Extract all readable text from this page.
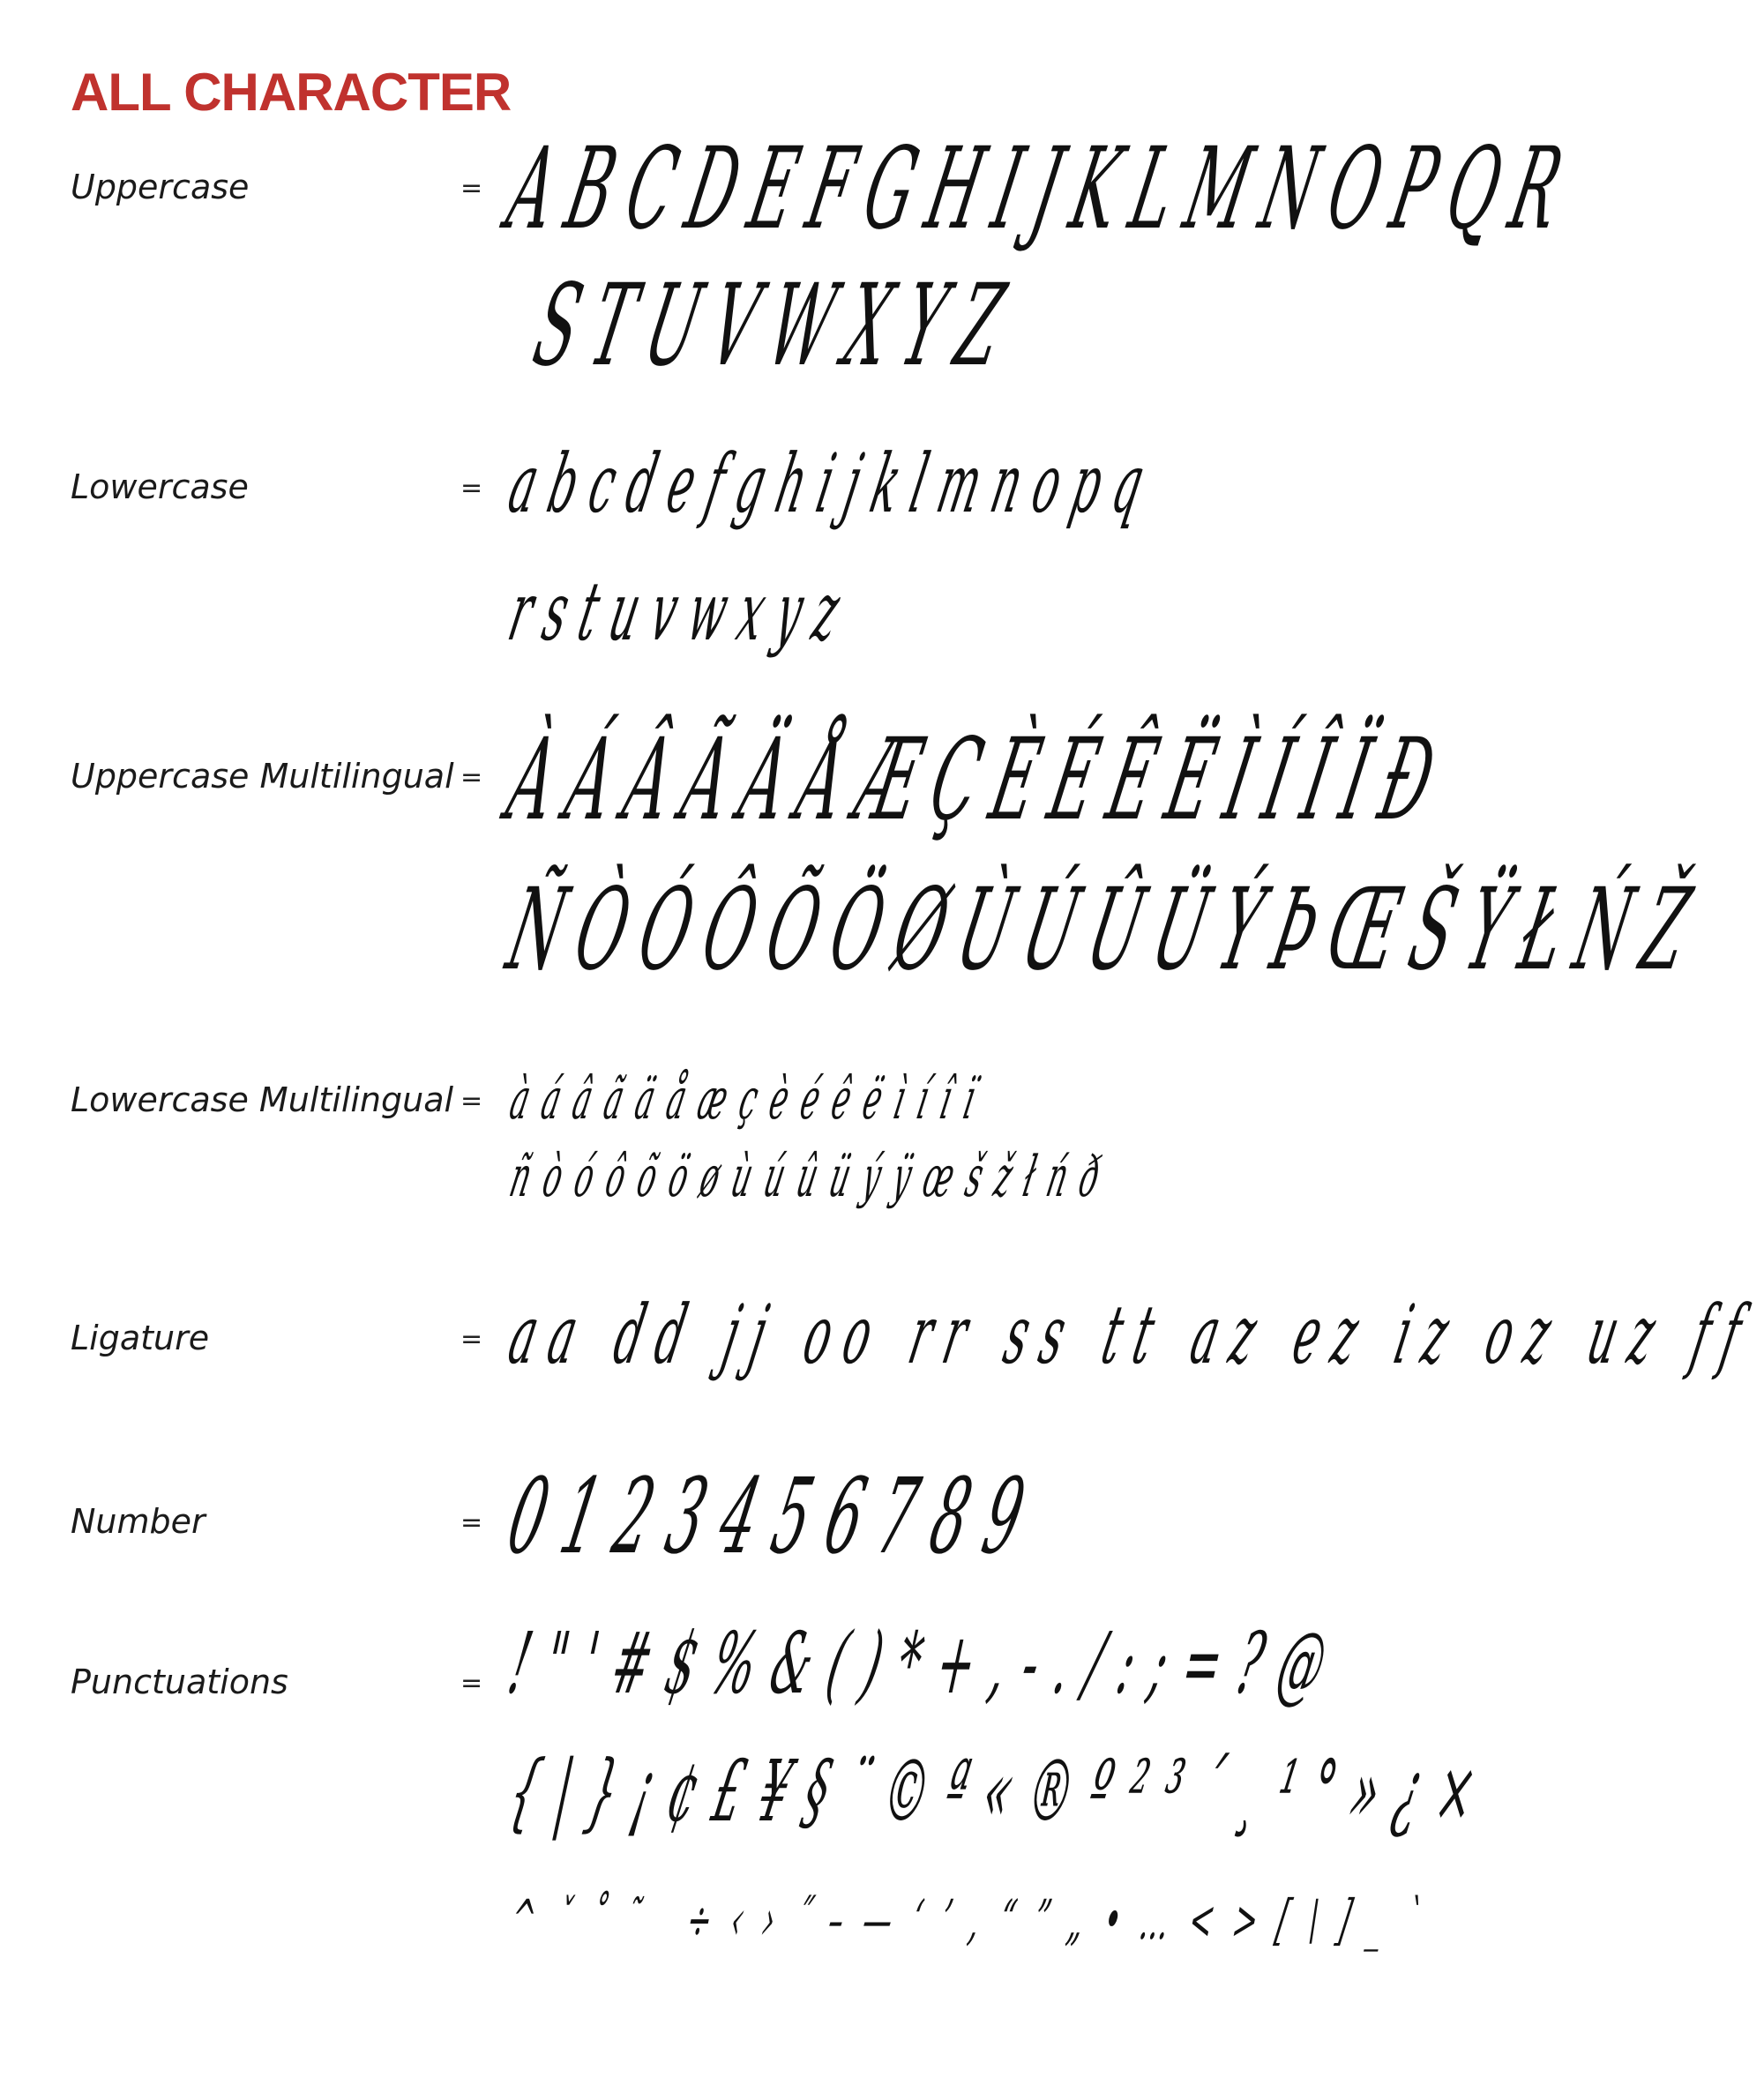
ALL CHARACTER
Uppercase	= ABCDEFGHIJKLMNOPQR
STUVWXYZ
Lowercase	= abcdefghijklmnopq
rstuvwxyz
Uppercase Multilingual = ÀÁÂÃÄÅÆÇÈÉÊËÌÍÎÏÐ
ÑÒÓÔÕÖØÙÚÛÜÝÞŒŠŸŁŃŽ
Lowercase Multilingual = àáâãäåæçèéêëìíîï
ñòóôõöøùúûüýÿœšžłńð
Ligature	= aa dd jj oo rr ss tt az ez iz oz uz ff
Number	= 0123456789
Punctuations	= !"'#$%&()*+,-./:;=?@
{|}¡¢£¥§¨©ª«®º²³´¸¹°»¿×
^ˇ˚˜ ÷‹›˝–—‘’‚“”„•…<>[\]_`
